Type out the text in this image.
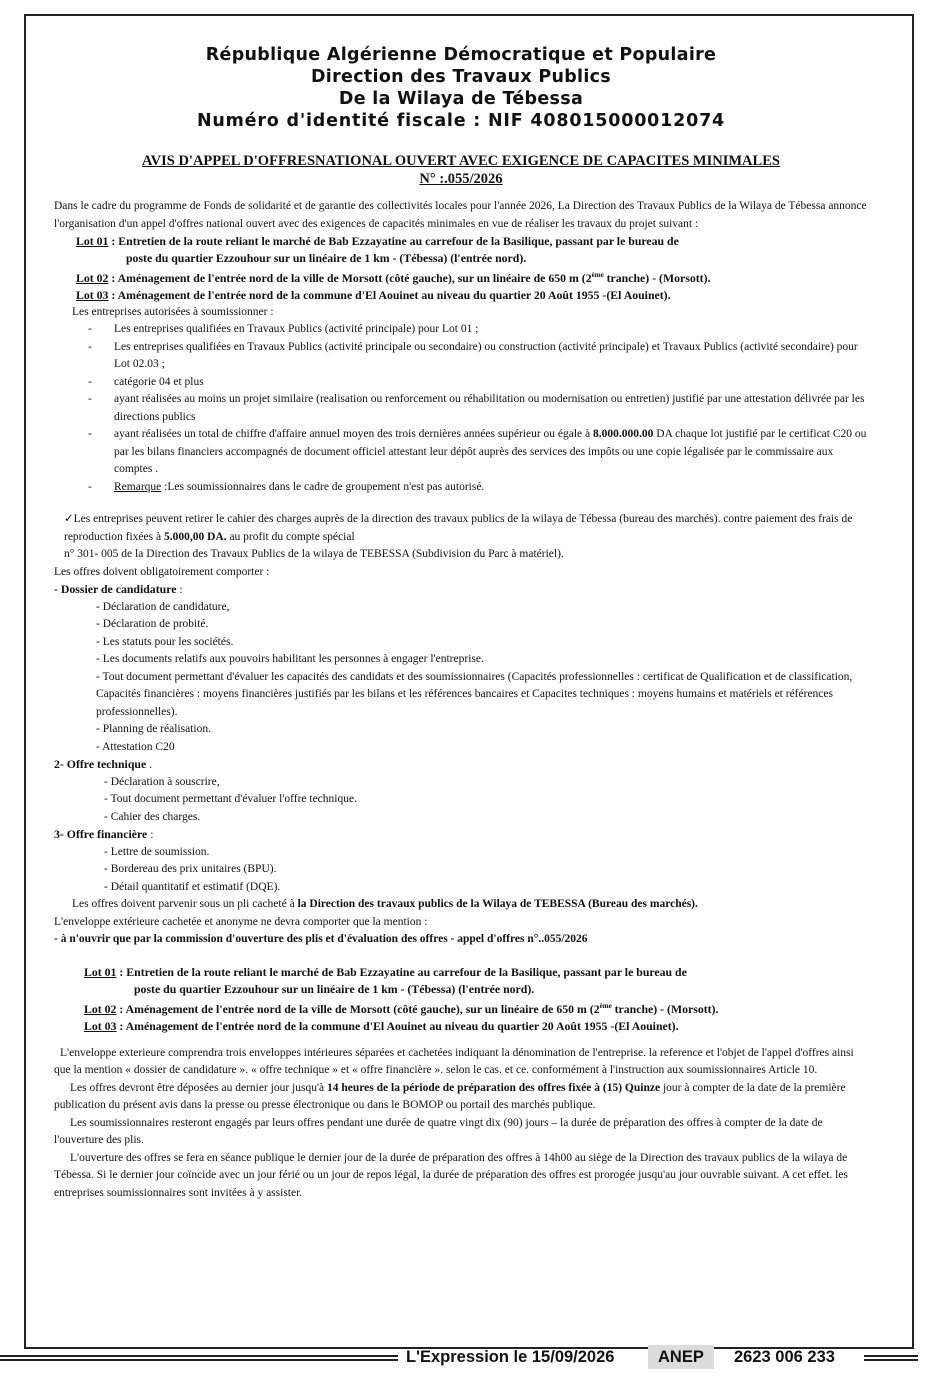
République Algérienne Démocratique et Populaire
Direction des Travaux Publics
De la Wilaya de Tébessa
Numéro d'identité fiscale : NIF 408015000012074
AVIS D'APPEL D'OFFRESNATIONAL OUVERT AVEC EXIGENCE DE CAPACITES MINIMALES
N° :.055/2026
Dans le cadre du programme de Fonds de solidarité et de garantie des collectivités locales pour l'année 2026, La Direction des Travaux Publics de la Wilaya de Tébessa annonce l'organisation d'un appel d'offres national ouvert avec des exigences de capacités minimales en vue de réaliser les travaux du projet suivant :
Lot 01 : Entretien de la route reliant le marché de Bab Ezzayatine au carrefour de la Basilique, passant par le bureau de
poste du quartier Ezzouhour sur un linéaire de 1 km - (Tébessa) (l'entrée nord).
Lot 02 : Aménagement de l'entrée nord de la ville de Morsott (côté gauche), sur un linéaire de 650 m (2ème tranche) - (Morsott).
Lot 03 : Aménagement de l'entrée nord de la commune d'El Aouinet au niveau du quartier 20 Août 1955 -(El Aouinet).
Les entreprises autorisées à soumissionner :
- Les entreprises qualifiées en Travaux Publics (activité principale) pour Lot 01 ;
- Les entreprises qualifiées en Travaux Publics (activité principale ou secondaire) ou construction (activité principale) et Travaux Publics (activité secondaire) pour Lot 02.03 ;
- catégorie 04 et plus
- ayant réalisées au moins un projet similaire (realisation ou renforcement ou réhabilitation ou modernisation ou entretien) justifié par une attestation délivrée par les directions publics
- ayant réalisées un total de chiffre d'affaire annuel moyen des trois dernières années supérieur ou égale à 8.000.000.00 DA chaque lot justifié par le certificat C20 ou par les bilans financiers accompagnés de document officiel attestant leur dépôt auprès des services des impôts ou une copie légalisée par le commissaire aux comptes .
- Remarque :Les soumissionnaires dans le cadre de groupement n'est pas autorisé.
✓Les entreprises peuvent retirer le cahier des charges auprès de la direction des travaux publics de la wilaya de Tébessa (bureau des marchés). contre paiement des frais de reproduction fixées à 5.000,00 DA. au profit du compte spécial
n° 301- 005 de la Direction des Travaux Publics de la wilaya de TEBESSA (Subdivision du Parc à matériel).
Les offres doivent obligatoirement comporter :
- Dossier de candidature :
- Déclaration de candidature,
- Déclaration de probité.
- Les statuts pour les sociétés.
- Les documents relatifs aux pouvoirs habilitant les personnes à engager l'entreprise.
- Tout document permettant d'évaluer les capacités des candidats et des soumissionnaires (Capacités professionnelles : certificat de Qualification et de classification, Capacités financières : moyens financières justifiés par les bilans et les références bancaires et Capacites techniques : moyens humains et matériels et références professionnelles).
- Planning de réalisation.
- Attestation C20
2- Offre technique .
- Déclaration à souscrire,
- Tout document permettant d'évaluer l'offre technique.
- Cahier des charges.
3- Offre financière :
- Lettre de soumission.
- Bordereau des prix unitaires (BPU).
- Détail quantitatif et estimatif (DQE).
Les offres doivent parvenir sous un pli cacheté à la Direction des travaux publics de la Wilaya de TEBESSA (Bureau des marchés).
L'enveloppe extérieure cachetée et anonyme ne devra comporter que la mention :
- à n'ouvrir que par la commission d'ouverture des plis et d'évaluation des offres - appel d'offres n°..055/2026
Lot 01 : Entretien de la route reliant le marché de Bab Ezzayatine au carrefour de la Basilique, passant par le bureau de
poste du quartier Ezzouhour sur un linéaire de 1 km - (Tébessa) (l'entrée nord).
Lot 02 : Aménagement de l'entrée nord de la ville de Morsott (côté gauche), sur un linéaire de 650 m (2ème tranche) - (Morsott).
Lot 03 : Aménagement de l'entrée nord de la commune d'El Aouinet au niveau du quartier 20 Août 1955 -(El Aouinet).
L'enveloppe exterieure comprendra trois enveloppes intérieures séparées et cachetées indiquant la dénomination de l'entreprise. la reference et l'objet de l'appel d'offres ainsi que la mention « dossier de candidature ». « offre technique » et « offre financière ». selon le cas. et ce. conformément à l'instruction aux soumissionnaires Article 10.
Les offres devront être déposées au dernier jour jusqu'à 14 heures de la période de préparation des offres fixée à (15) Quinze jour à compter de la date de la première publication du présent avis dans la presse ou presse électronique ou dans le BOMOP ou portail des marchés publique.
Les soumissionnaires resteront engagés par leurs offres pendant une durée de quatre vingt dix (90) jours – la durée de préparation des offres à compter de la date de l'ouverture des plis.
L'ouverture des offres se fera en séance publique le dernier jour de la durée de préparation des offres à 14h00 au siège de la Direction des travaux publics de la wilaya de Tébessa. Si le dernier jour coïncide avec un jour férié ou un jour de repos légal, la durée de préparation des offres est prorogée jusqu'au jour ouvrable suivant. A cet effet. les entreprises soumissionnaires sont invitées à y assister.
L'Expression le 15/09/2026	ANEP	2623 006 233
